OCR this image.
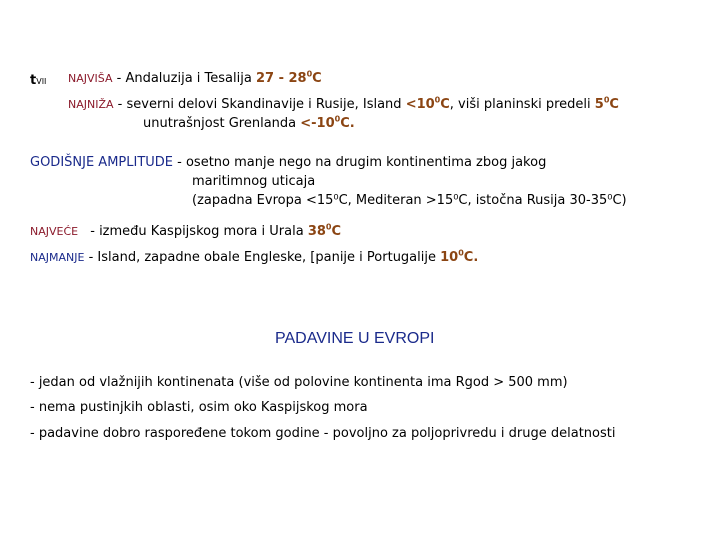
tVII NAJVIŠA - Andaluzija i Tesalija $27 - 28^0C$
NAJNIŽA - severni delovi Skandinavije i Rusije, Island $<10^0C$, viši planinski predeli $5^0C$
unutrašnjost Grenlanda $<-10^0C$.
GODIŠNJE AMPLITUDE - osetno manje nego na drugim kontinentima zbog jakog
maritimnog uticaja
(zapadna Evropa <15⁰C, Mediteran >15⁰C, istočna Rusija 30-35⁰C)
NAJVEĆE - između Kaspijskog mora i Urala $38^0C$
NAJMANJE - Island, zapadne obale Engleske, [panije i Portugalije $10^0C$.
PADAVINE U EVROPI
- jedan od vlažnijih kontinenata (više od polovine kontinenta ima Rgod > 500 mm)
- nema pustinjkih oblasti, osim oko Kaspijskog mora
- padavine dobro raspoređene tokom godine - povoljno za poljoprivredu i druge delatnosti
